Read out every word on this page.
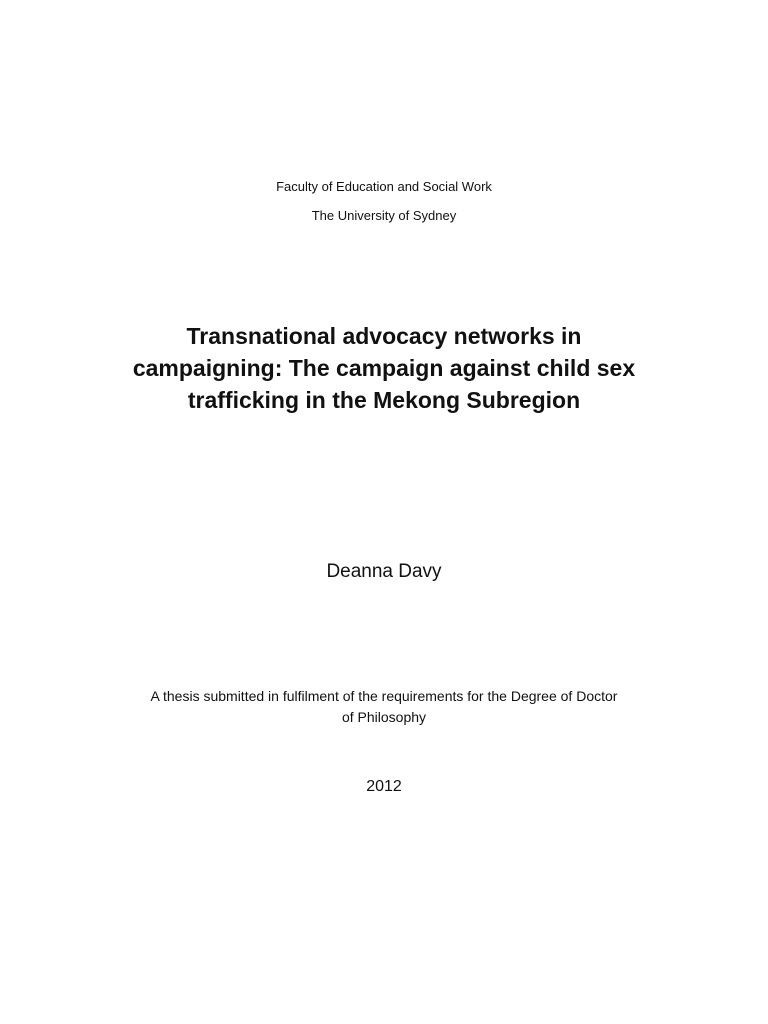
Faculty of Education and Social Work
The University of Sydney
Transnational advocacy networks in
campaigning: The campaign against child sex
trafficking in the Mekong Subregion
Deanna Davy
A thesis submitted in fulfilment of the requirements for the Degree of Doctor
of Philosophy
2012
